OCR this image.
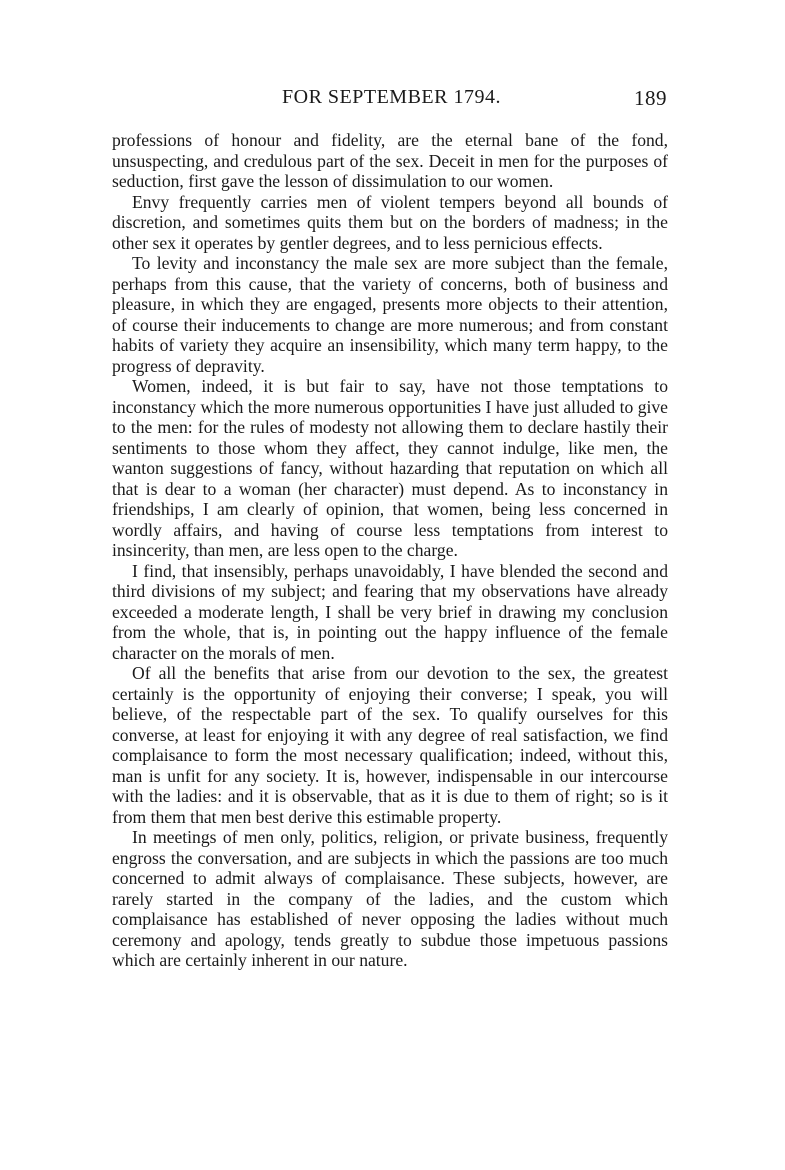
FOR SEPTEMBER 1794.	189

professions of honour and fidelity, are the eternal bane of the fond, unsuspecting, and credulous part of the sex. Deceit in men for the purposes of seduction, first gave the lesson of dissimulation to our women.

Envy frequently carries men of violent tempers beyond all bounds of discretion, and sometimes quits them but on the borders of madness; in the other sex it operates by gentler degrees, and to less pernicious effects.

To levity and inconstancy the male sex are more subject than the female, perhaps from this cause, that the variety of concerns, both of business and pleasure, in which they are engaged, presents more objects to their attention, of course their inducements to change are more numerous; and from constant habits of variety they acquire an insensibility, which many term happy, to the progress of depravity.

Women, indeed, it is but fair to say, have not those temptations to inconstancy which the more numerous opportunities I have just alluded to give to the men: for the rules of modesty not allowing them to declare hastily their sentiments to those whom they affect, they cannot indulge, like men, the wanton suggestions of fancy, without hazarding that reputation on which all that is dear to a woman (her character) must depend. As to inconstancy in friendships, I am clearly of opinion, that women, being less concerned in wordly affairs, and having of course less temptations from interest to insincerity, than men, are less open to the charge.

I find, that insensibly, perhaps unavoidably, I have blended the second and third divisions of my subject; and fearing that my observations have already exceeded a moderate length, I shall be very brief in drawing my conclusion from the whole, that is, in pointing out the happy influence of the female character on the morals of men.

Of all the benefits that arise from our devotion to the sex, the greatest certainly is the opportunity of enjoying their converse; I speak, you will believe, of the respectable part of the sex. To qualify ourselves for this converse, at least for enjoying it with any degree of real satisfaction, we find complaisance to form the most necessary qualification; indeed, without this, man is unfit for any society. It is, however, indispensable in our intercourse with the ladies: and it is observable, that as it is due to them of right; so is it from them that men best derive this estimable property.

In meetings of men only, politics, religion, or private business, frequently engross the conversation, and are subjects in which the passions are too much concerned to admit always of complaisance. These subjects, however, are rarely started in the company of the ladies, and the custom which complaisance has established of never opposing the ladies without much ceremony and apology, tends greatly to subdue those impetuous passions which are certainly inherent in our nature.
